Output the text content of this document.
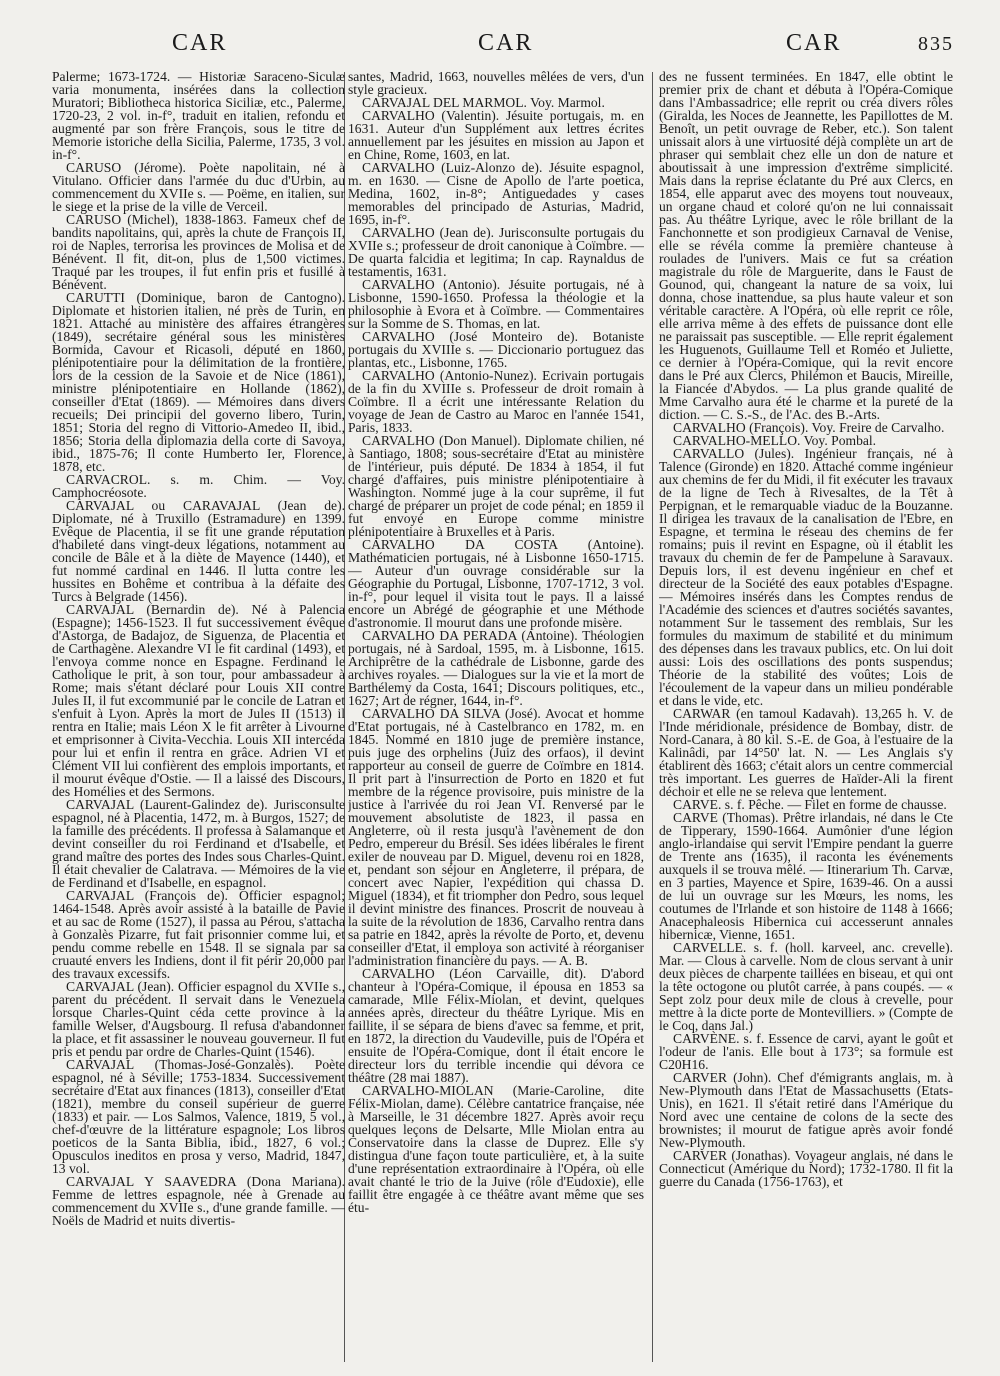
CAR	CAR	CAR	835

Palerme; 1673-1724. — Historiæ Saraceno-Siculæ varia monumenta, insérées dans la collection Muratori; Bibliotheca historica Siciliæ, etc., Palerme, 1720-23, 2 vol. in-f°, traduit en italien, refondu et augmenté par son frère François, sous le titre de Memorie istoriche della Sicilia, Palerme, 1735, 3 vol. in-f°.

CARUSO (Jérome). Poète napolitain, né à Vitulano. Officier dans l'armée du duc d'Urbin, au commencement du XVIIe s. — Poëme, en italien, sur le siege et la prise de la ville de Verceil.

CARUSO (Michel), 1838-1863. Fameux chef de bandits napolitains, qui, après la chute de François II, roi de Naples, terrorisa les provinces de Molisa et de Bénévent. Il fit, dit-on, plus de 1,500 victimes. Traqué par les troupes, il fut enfin pris et fusillé à Bénévent.

CARUTTI (Dominique, baron de Cantogno). Diplomate et historien italien, né près de Turin, en 1821. Attaché au ministère des affaires étrangères (1849), secrétaire général sous les ministères Bormida, Cavour et Ricasoli, député en 1860, plénipotentiaire pour la délimitation de la frontière, lors de la cession de la Savoie et de Nice (1861), ministre plénipotentiaire en Hollande (1862), conseiller d'Etat (1869). — Mémoires dans divers recueils; Dei principii del governo libero, Turin, 1851; Storia del regno di Vittorio-Amedeo II, ibid., 1856; Storia della diplomazia della corte di Savoya, ibid., 1875-76; Il conte Humberto Ier, Florence, 1878, etc.

CARVACROL. s. m. Chim. — Voy. Camphocréosote.

CARVAJAL ou CARAVAJAL (Jean de). Diplomate, né à Truxillo (Estramadure) en 1399. Evêque de Placentia, il se fit une grande réputation d'habileté dans vingt-deux légations, notamment au concile de Bâle et à la diète de Mayence (1440), et fut nommé cardinal en 1446. Il lutta contre les hussites en Bohême et contribua à la défaite des Turcs à Belgrade (1456).

CARVAJAL (Bernardin de). Né à Palencia (Espagne); 1456-1523. Il fut successivement évêque d'Astorga, de Badajoz, de Siguenza, de Placentia et de Carthagène. Alexandre VI le fit cardinal (1493), et l'envoya comme nonce en Espagne. Ferdinand le Catholique le prit, à son tour, pour ambassadeur à Rome; mais s'étant déclaré pour Louis XII contre Jules II, il fut excommunié par le concile de Latran et s'enfuit à Lyon. Après la mort de Jules II (1513) il rentra en Italie; mais Léon X le fit arrêter à Livourne et emprisonner à Civita-Vecchia. Louis XII intercéda pour lui et enfin il rentra en grâce. Adrien VI et Clément VII lui confièrent des emplois importants, et il mourut évêque d'Ostie. — Il a laissé des Discours, des Homélies et des Sermons.

CARVAJAL (Laurent-Galindez de). Jurisconsulte espagnol, né à Placentia, 1472, m. à Burgos, 1527; de la famille des précédents. Il professa à Salamanque et devint conseiller du roi Ferdinand et d'Isabelle, et grand maître des portes des Indes sous Charles-Quint. Il était chevalier de Calatrava. — Mémoires de la vie de Ferdinand et d'Isabelle, en espagnol.

CARVAJAL (François de). Officier espagnol; 1464-1548. Après avoir assisté à la bataille de Pavie et au sac de Rome (1527), il passa au Pérou, s'attacha à Gonzalès Pizarre, fut fait prisonnier comme lui, et pendu comme rebelle en 1548. Il se signala par sa cruauté envers les Indiens, dont il fit périr 20,000 par des travaux excessifs.

CARVAJAL (Jean). Officier espagnol du XVIIe s., parent du précédent. Il servait dans le Venezuela lorsque Charles-Quint céda cette province à la famille Welser, d'Augsbourg. Il refusa d'abandonner la place, et fit assassiner le nouveau gouverneur. Il fut pris et pendu par ordre de Charles-Quint (1546).

CARVAJAL (Thomas-José-Gonzalès). Poète espagnol, né à Séville; 1753-1834. Successivement secrétaire d'Etat aux finances (1813), conseiller d'Etat (1821), membre du conseil supérieur de guerre (1833) et pair. — Los Salmos, Valence, 1819, 5 vol., chef-d'œuvre de la littérature espagnole; Los libros poeticos de la Santa Biblia, ibid., 1827, 6 vol.; Opusculos ineditos en prosa y verso, Madrid, 1847, 13 vol.

CARVAJAL Y SAAVEDRA (Dona Mariana). Femme de lettres espagnole, née à Grenade au commencement du XVIIe s., d'une grande famille. — Noëls de Madrid et nuits divertis-

santes, Madrid, 1663, nouvelles mêlées de vers, d'un style gracieux.

CARVAJAL DEL MARMOL. Voy. Marmol.

CARVALHO (Valentin). Jésuite portugais, m. en 1631. Auteur d'un Supplément aux lettres écrites annuellement par les jésuites en mission au Japon et en Chine, Rome, 1603, en lat.

CARVALHO (Luiz-Alonzo de). Jésuite espagnol, m. en 1630. — Cisne de Apollo de l'arte poetica, Medina, 1602, in-8°; Antiguedades y cases memorables del principado de Asturias, Madrid, 1695, in-f°.

CARVALHO (Jean de). Jurisconsulte portugais du XVIIe s.; professeur de droit canonique à Coïmbre. — De quarta falcidia et legitima; In cap. Raynaldus de testamentis, 1631.

CARVALHO (Antonio). Jésuite portugais, né à Lisbonne, 1590-1650. Professa la théologie et la philosophie à Evora et à Coïmbre. — Commentaires sur la Somme de S. Thomas, en lat.

CARVALHO (José Monteiro de). Botaniste portugais du XVIIIe s. — Diccionario portuguez das plantas, etc., Lisbonne, 1765.

CARVALHO (Antonio-Nunez). Ecrivain portugais de la fin du XVIIIe s. Professeur de droit romain à Coïmbre. Il a écrit une intéressante Relation du voyage de Jean de Castro au Maroc en l'année 1541, Paris, 1833.

CARVALHO (Don Manuel). Diplomate chilien, né à Santiago, 1808; sous-secrétaire d'Etat au ministère de l'intérieur, puis député. De 1834 à 1854, il fut chargé d'affaires, puis ministre plénipotentiaire à Washington. Nommé juge à la cour suprême, il fut chargé de préparer un projet de code pénal; en 1859 il fut envoyé en Europe comme ministre plénipotentiaire à Bruxelles et à Paris.

CARVALHO DA COSTA (Antoine). Mathématicien portugais, né à Lisbonne 1650-1715. — Auteur d'un ouvrage considérable sur la Géographie du Portugal, Lisbonne, 1707-1712, 3 vol. in-f°, pour lequel il visita tout le pays. Il a laissé encore un Abrégé de géographie et une Méthode d'astronomie. Il mourut dans une profonde misère.

CARVALHO DA PERADA (Antoine). Théologien portugais, né à Sardoal, 1595, m. à Lisbonne, 1615. Archiprêtre de la cathédrale de Lisbonne, garde des archives royales. — Dialogues sur la vie et la mort de Barthélemy da Costa, 1641; Discours politiques, etc., 1627; Art de régner, 1644, in-f°.

CARVALHO DA SILVA (José). Avocat et homme d'Etat portugais, né à Castelbranco en 1782, m. en 1845. Nommé en 1810 juge de première instance, puis juge des orphelins (Juiz des orfaos), il devint rapporteur au conseil de guerre de Coïmbre en 1814. Il prit part à l'insurrection de Porto en 1820 et fut membre de la régence provisoire, puis ministre de la justice à l'arrivée du roi Jean VI. Renversé par le mouvement absolutiste de 1823, il passa en Angleterre, où il resta jusqu'à l'avènement de don Pedro, empereur du Brésil. Ses idées libérales le firent exiler de nouveau par D. Miguel, devenu roi en 1828, et, pendant son séjour en Angleterre, il prépara, de concert avec Napier, l'expédition qui chassa D. Miguel (1834), et fit triompher don Pedro, sous lequel il devint ministre des finances. Proscrit de nouveau à la suite de la révolution de 1836, Carvalho rentra dans sa patrie en 1842, après la révolte de Porto, et, devenu conseiller d'Etat, il employa son activité à réorganiser l'administration financière du pays. — A. B.

CARVALHO (Léon Carvaille, dit). D'abord chanteur à l'Opéra-Comique, il épousa en 1853 sa camarade, Mlle Félix-Miolan, et devint, quelques années après, directeur du théâtre Lyrique. Mis en faillite, il se sépara de biens d'avec sa femme, et prit, en 1872, la direction du Vaudeville, puis de l'Opéra et ensuite de l'Opéra-Comique, dont il était encore le directeur lors du terrible incendie qui dévora ce théâtre (28 mai 1887).

CARVALHO-MIOLAN (Marie-Caroline, dite Félix-Miolan, dame). Célèbre cantatrice française, née à Marseille, le 31 décembre 1827. Après avoir reçu quelques leçons de Delsarte, Mlle Miolan entra au Conservatoire dans la classe de Duprez. Elle s'y distingua d'une façon toute particulière, et, à la suite d'une représentation extraordinaire à l'Opéra, où elle avait chanté le trio de la Juive (rôle d'Eudoxie), elle faillit être engagée à ce théâtre avant même que ses étu-

des ne fussent terminées. En 1847, elle obtint le premier prix de chant et débuta à l'Opéra-Comique dans l'Ambassadrice; elle reprit ou créa divers rôles (Giralda, les Noces de Jeannette, les Papillottes de M. Benoît, un petit ouvrage de Reber, etc.). Son talent unissait alors à une virtuosité déjà complète un art de phraser qui semblait chez elle un don de nature et aboutissait à une impression d'extrême simplicité. Mais dans la reprise éclatante du Pré aux Clercs, en 1854, elle apparut avec des moyens tout nouveaux, un organe chaud et coloré qu'on ne lui connaissait pas. Au théâtre Lyrique, avec le rôle brillant de la Fanchonnette et son prodigieux Carnaval de Venise, elle se révéla comme la première chanteuse à roulades de l'univers. Mais ce fut sa création magistrale du rôle de Marguerite, dans le Faust de Gounod, qui, changeant la nature de sa voix, lui donna, chose inattendue, sa plus haute valeur et son véritable caractère. A l'Opéra, où elle reprit ce rôle, elle arriva même à des effets de puissance dont elle ne paraissait pas susceptible. — Elle reprit également les Huguenots, Guillaume Tell et Roméo et Juliette, ce dernier à l'Opéra-Comique, qui la revit encore dans le Pré aux Clercs, Philémon et Baucis, Mireille, la Fiancée d'Abydos. — La plus grande qualité de Mme Carvalho aura été le charme et la pureté de la diction. — C. S.-S., de l'Ac. des B.-Arts.

CARVALHO (François). Voy. Freire de Carvalho.

CARVALHO-MELLO. Voy. Pombal.

CARVALLO (Jules). Ingénieur français, né à Talence (Gironde) en 1820. Attaché comme ingénieur aux chemins de fer du Midi, il fit exécuter les travaux de la ligne de Tech à Rivesaltes, de la Têt à Perpignan, et le remarquable viaduc de la Bouzanne. Il dirigea les travaux de la canalisation de l'Ebre, en Espagne, et termina le réseau des chemins de fer romains; puis il revint en Espagne, où il établit les travaux du chemin de fer de Pampelune à Saravaux. Depuis lors, il est devenu ingénieur en chef et directeur de la Société des eaux potables d'Espagne. — Mémoires insérés dans les Comptes rendus de l'Académie des sciences et d'autres sociétés savantes, notamment Sur le tassement des remblais, Sur les formules du maximum de stabilité et du minimum des dépenses dans les travaux publics, etc. On lui doit aussi: Lois des oscillations des ponts suspendus; Théorie de la stabilité des voûtes; Lois de l'écoulement de la vapeur dans un milieu pondérable et dans le vide, etc.

CARWAR (en tamoul Kadavah). 13,265 h. V. de l'Inde méridionale, présidence de Bombay, distr. de Nord-Canara, à 80 kil. S.-E. de Goa, à l'estuaire de la Kalinâdi, par 14°50' lat. N. — Les Anglais s'y établirent dès 1663; c'était alors un centre commercial très important. Les guerres de Haïder-Ali la firent déchoir et elle ne se releva que lentement.

CARVE. s. f. Pêche. — Filet en forme de chausse.

CARVE (Thomas). Prêtre irlandais, né dans le Cte de Tipperary, 1590-1664. Aumônier d'une légion anglo-irlandaise qui servit l'Empire pendant la guerre de Trente ans (1635), il raconta les événements auxquels il se trouva mêlé. — Itinerarium Th. Carvæ, en 3 parties, Mayence et Spire, 1639-46. On a aussi de lui un ouvrage sur les Mœurs, les noms, les coutumes de l'Irlande et son histoire de 1148 à 1666; Anacephaleosis Hibernica cui accesserunt annales hibernicæ, Vienne, 1651.

CARVELLE. s. f. (holl. karveel, anc. crevelle). Mar. — Clous à carvelle. Nom de clous servant à unir deux pièces de charpente taillées en biseau, et qui ont la tête octogone ou plutôt carrée, à pans coupés. — « Sept zolz pour deux mile de clous à crevelle, pour mettre à la dicte porte de Montevilliers. » (Compte de le Coq, dans Jal.)

CARVÈNE. s. f. Essence de carvi, ayant le goût et l'odeur de l'anis. Elle bout à 173°; sa formule est C20H16.

CARVER (John). Chef d'émigrants anglais, m. à New-Plymouth dans l'Etat de Massachusetts (Etats-Unis), en 1621. Il s'était retiré dans l'Amérique du Nord avec une centaine de colons de la secte des brownistes; il mourut de fatigue après avoir fondé New-Plymouth.

CARVER (Jonathas). Voyageur anglais, né dans le Connecticut (Amérique du Nord); 1732-1780. Il fit la guerre du Canada (1756-1763), et
